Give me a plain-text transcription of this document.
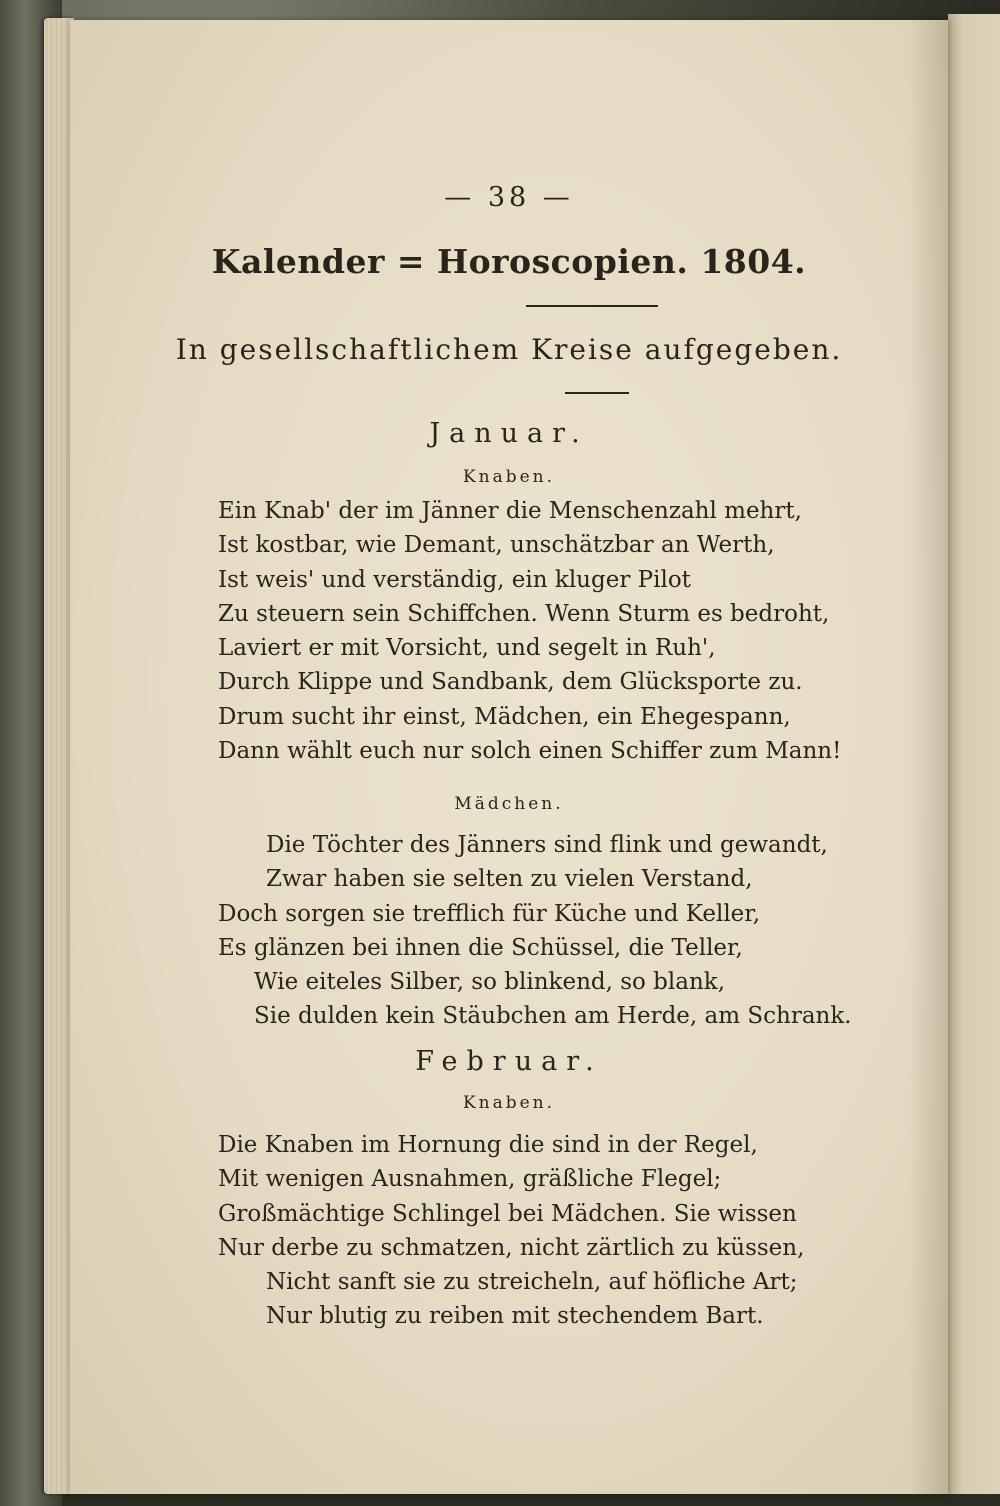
— 38 —
Kalender = Horoscopien. 1804.
In gesellschaftlichem Kreise aufgegeben.
Januar.
Knaben.
Ein Knab' der im Jänner die Menschenzahl mehrt,
Ist kostbar, wie Demant, unschätzbar an Werth,
Ist weis' und verständig, ein kluger Pilot
Zu steuern sein Schiffchen. Wenn Sturm es bedroht,
Laviert er mit Vorsicht, und segelt in Ruh',
Durch Klippe und Sandbank, dem Glücksporte zu.
Drum sucht ihr einst, Mädchen, ein Ehegespann,
Dann wählt euch nur solch einen Schiffer zum Mann!
Mädchen.
Die Töchter des Jänners sind flink und gewandt,
Zwar haben sie selten zu vielen Verstand,
Doch sorgen sie trefflich für Küche und Keller,
Es glänzen bei ihnen die Schüssel, die Teller,
Wie eiteles Silber, so blinkend, so blank,
Sie dulden kein Stäubchen am Herde, am Schrank.
Februar.
Knaben.
Die Knaben im Hornung die sind in der Regel,
Mit wenigen Ausnahmen, gräßliche Flegel;
Großmächtige Schlingel bei Mädchen. Sie wissen
Nur derbe zu schmatzen, nicht zärtlich zu küssen,
Nicht sanft sie zu streicheln, auf höfliche Art;
Nur blutig zu reiben mit stechendem Bart.
